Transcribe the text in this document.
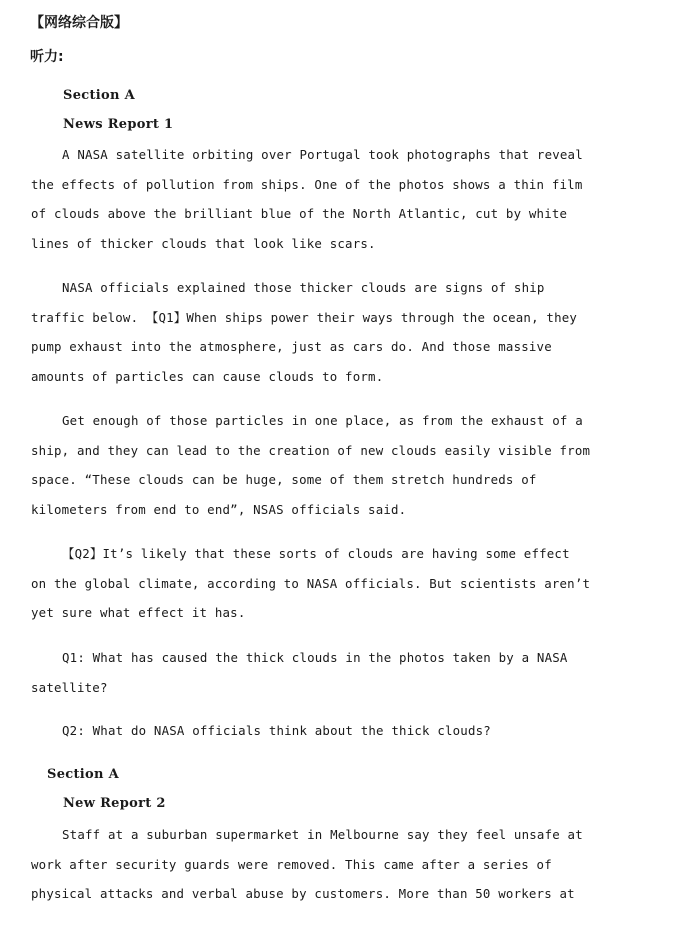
【网络综合版】
听力:
Section A
News Report 1
A NASA satellite orbiting over Portugal took photographs that reveal
the effects of pollution from ships. One of the photos shows a thin film
of clouds above the brilliant blue of the North Atlantic, cut by white
lines of thicker clouds that look like scars.
NASA officials explained those thicker clouds are signs of ship
traffic below. 【Q1】When ships power their ways through the ocean, they
pump exhaust into the atmosphere, just as cars do. And those massive
amounts of particles can cause clouds to form.
Get enough of those particles in one place, as from the exhaust of a
ship, and they can lead to the creation of new clouds easily visible from
space. “These clouds can be huge, some of them stretch hundreds of
kilometers from end to end”, NSAS officials said.
【Q2】It’s likely that these sorts of clouds are having some effect
on the global climate, according to NASA officials. But scientists aren’t
yet sure what effect it has.
Q1: What has caused the thick clouds in the photos taken by a NASA
satellite?
Q2: What do NASA officials think about the thick clouds?
Section A
New Report 2
Staff at a suburban supermarket in Melbourne say they feel unsafe at
work after security guards were removed. This came after a series of
physical attacks and verbal abuse by customers. More than 50 workers at
